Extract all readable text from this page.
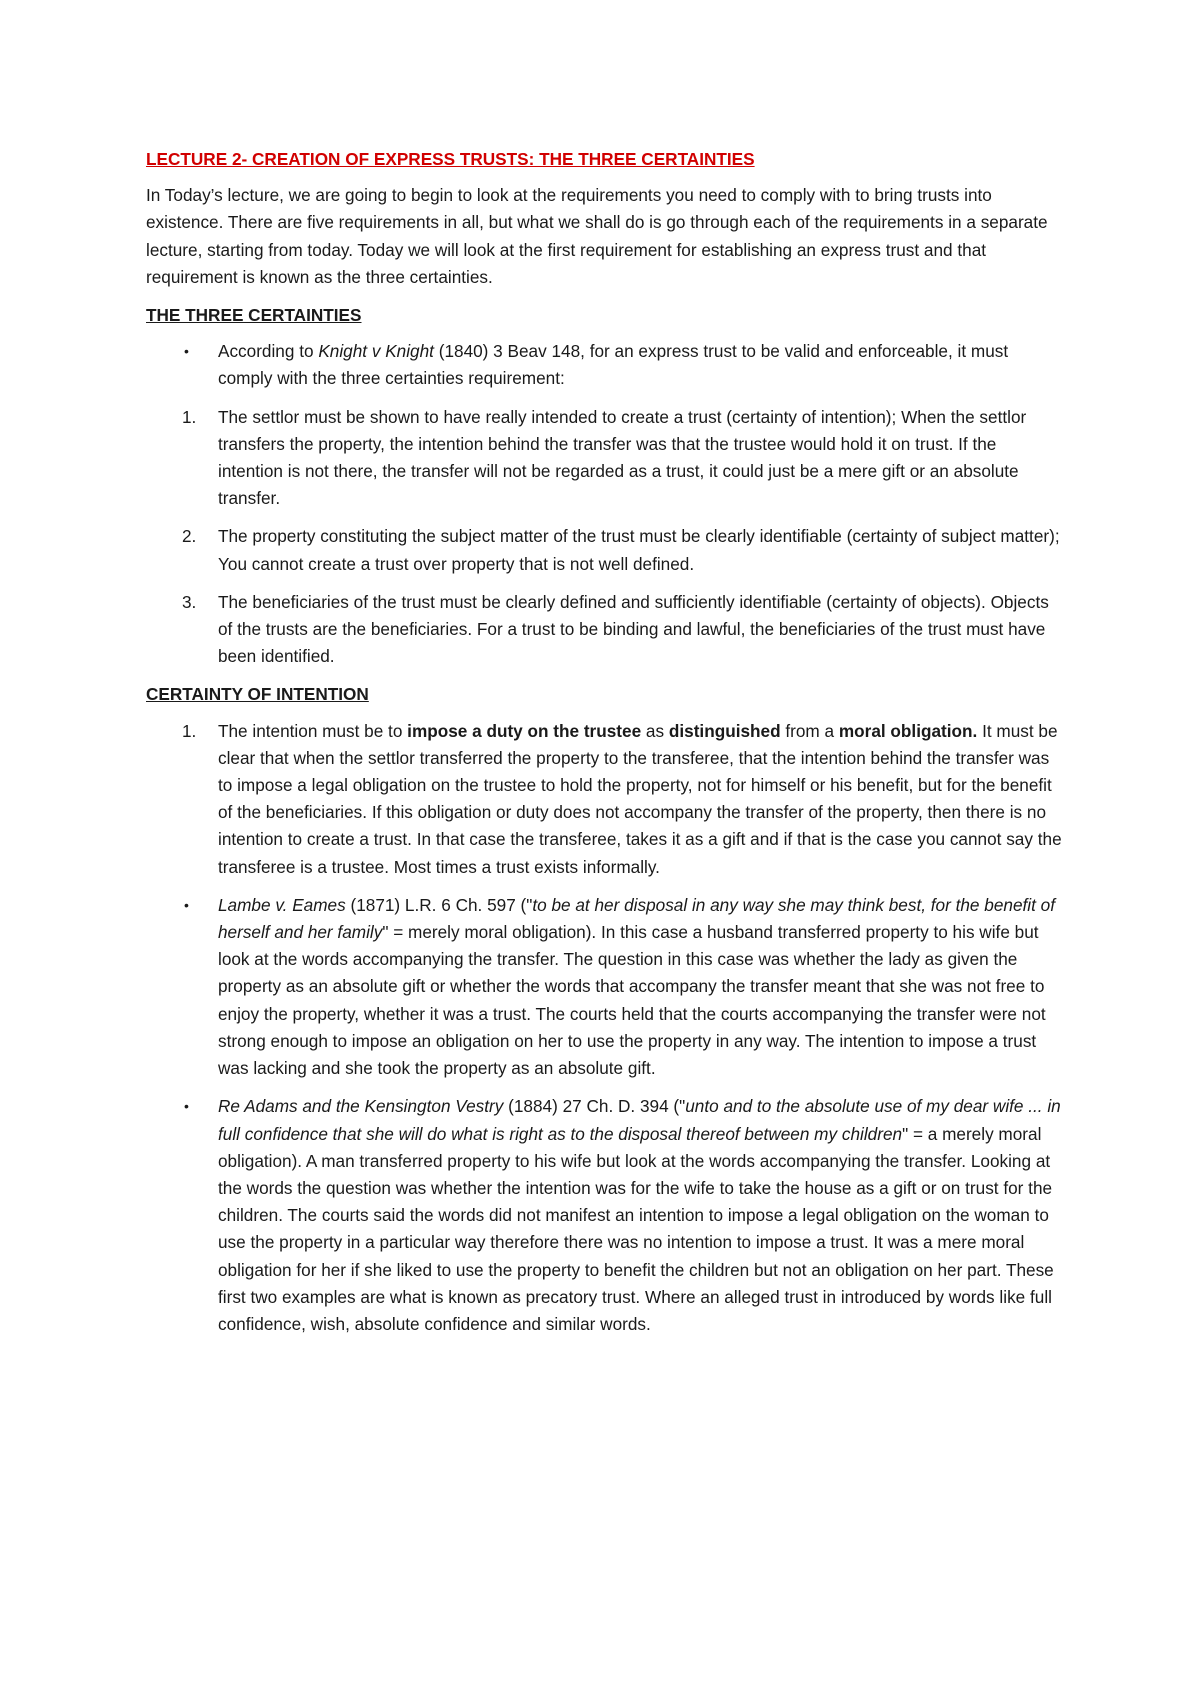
LECTURE 2- CREATION OF EXPRESS TRUSTS: THE THREE CERTAINTIES

In Today’s lecture, we are going to begin to look at the requirements you need to comply with to bring trusts into existence. There are five requirements in all, but what we shall do is go through each of the requirements in a separate lecture, starting from today. Today we will look at the first requirement for establishing an express trust and that requirement is known as the three certainties.

THE THREE CERTAINTIES

• According to Knight v Knight (1840) 3 Beav 148, for an express trust to be valid and enforceable, it must comply with the three certainties requirement:

1. The settlor must be shown to have really intended to create a trust (certainty of intention); When the settlor transfers the property, the intention behind the transfer was that the trustee would hold it on trust. If the intention is not there, the transfer will not be regarded as a trust, it could just be a mere gift or an absolute transfer.

2. The property constituting the subject matter of the trust must be clearly identifiable (certainty of subject matter); You cannot create a trust over property that is not well defined.

3. The beneficiaries of the trust must be clearly defined and sufficiently identifiable (certainty of objects). Objects of the trusts are the beneficiaries. For a trust to be binding and lawful, the beneficiaries of the trust must have been identified.

CERTAINTY OF INTENTION

1. The intention must be to impose a duty on the trustee as distinguished from a moral obligation. It must be clear that when the settlor transferred the property to the transferee, that the intention behind the transfer was to impose a legal obligation on the trustee to hold the property, not for himself or his benefit, but for the benefit of the beneficiaries. If this obligation or duty does not accompany the transfer of the property, then there is no intention to create a trust. In that case the transferee, takes it as a gift and if that is the case you cannot say the transferee is a trustee. Most times a trust exists informally.

• Lambe v. Eames (1871) L.R. 6 Ch. 597 ("to be at her disposal in any way she may think best, for the benefit of herself and her family" = merely moral obligation). In this case a husband transferred property to his wife but look at the words accompanying the transfer. The question in this case was whether the lady as given the property as an absolute gift or whether the words that accompany the transfer meant that she was not free to enjoy the property, whether it was a trust. The courts held that the courts accompanying the transfer were not strong enough to impose an obligation on her to use the property in any way. The intention to impose a trust was lacking and she took the property as an absolute gift.

• Re Adams and the Kensington Vestry (1884) 27 Ch. D. 394 ("unto and to the absolute use of my dear wife ... in full confidence that she will do what is right as to the disposal thereof between my children" = a merely moral obligation). A man transferred property to his wife but look at the words accompanying the transfer. Looking at the words the question was whether the intention was for the wife to take the house as a gift or on trust for the children. The courts said the words did not manifest an intention to impose a legal obligation on the woman to use the property in a particular way therefore there was no intention to impose a trust. It was a mere moral obligation for her if she liked to use the property to benefit the children but not an obligation on her part. These first two examples are what is known as precatory trust. Where an alleged trust in introduced by words like full confidence, wish, absolute confidence and similar words.
